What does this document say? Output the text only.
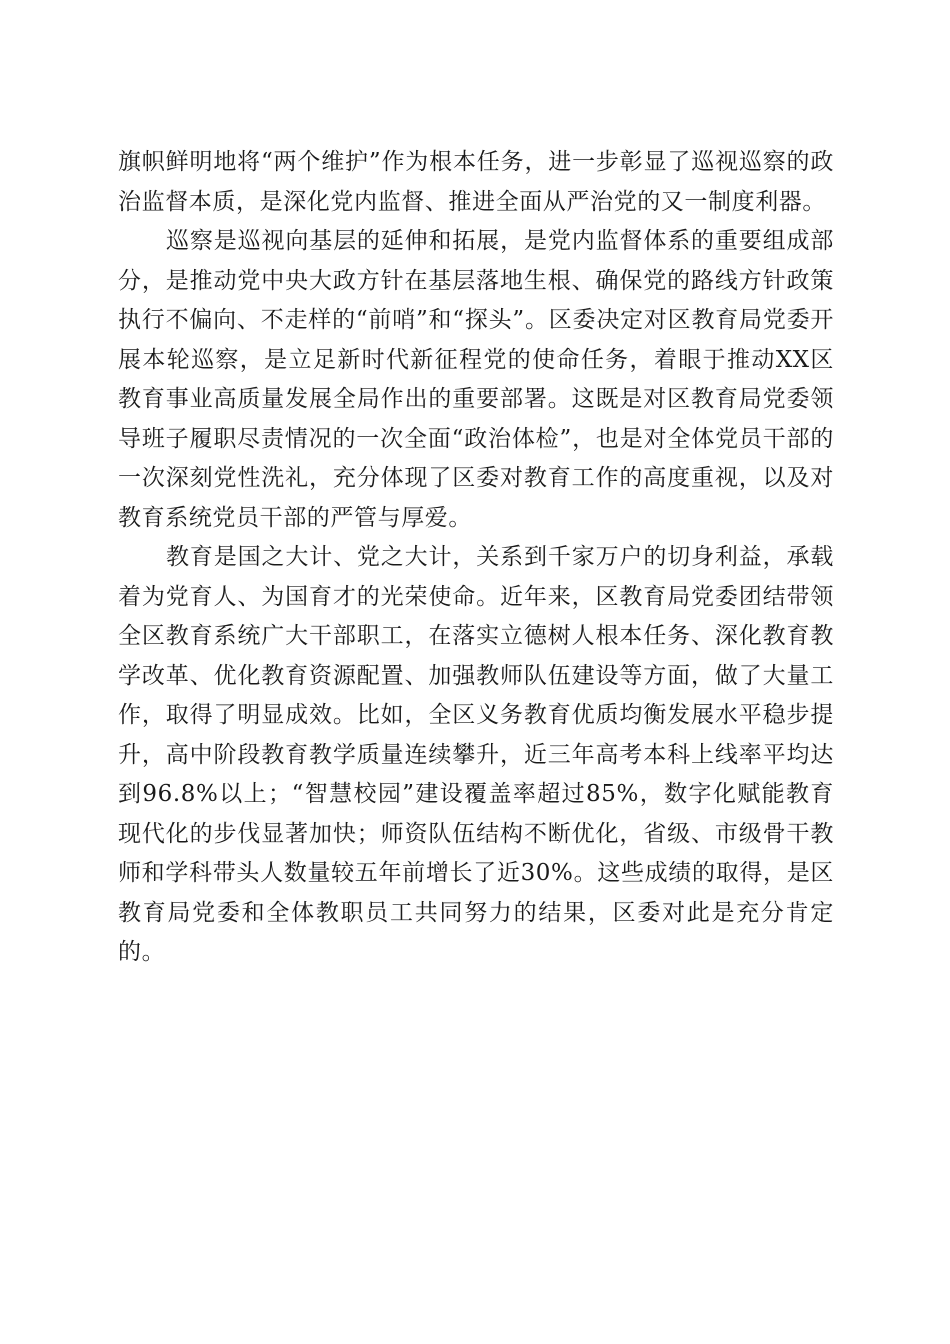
旗帜鲜明地将“两个维护”作为根本任务，进一步彰显了巡视巡察的政治监督本质，是深化党内监督、推进全面从严治党的又一制度利器。

巡察是巡视向基层的延伸和拓展，是党内监督体系的重要组成部分，是推动党中央大政方针在基层落地生根、确保党的路线方针政策执行不偏向、不走样的“前哨”和“探头”。区委决定对区教育局党委开展本轮巡察，是立足新时代新征程党的使命任务，着眼于推动XX区教育事业高质量发展全局作出的重要部署。这既是对区教育局党委领导班子履职尽责情况的一次全面“政治体检”，也是对全体党员干部的一次深刻党性洗礼，充分体现了区委对教育工作的高度重视，以及对教育系统党员干部的严管与厚爱。

教育是国之大计、党之大计，关系到千家万户的切身利益，承载着为党育人、为国育才的光荣使命。近年来，区教育局党委团结带领全区教育系统广大干部职工，在落实立德树人根本任务、深化教育教学改革、优化教育资源配置、加强教师队伍建设等方面，做了大量工作，取得了明显成效。比如，全区义务教育优质均衡发展水平稳步提升，高中阶段教育教学质量连续攀升，近三年高考本科上线率平均达到96.8%以上；“智慧校园”建设覆盖率超过85%，数字化赋能教育现代化的步伐显著加快；师资队伍结构不断优化，省级、市级骨干教师和学科带头人数量较五年前增长了近30%。这些成绩的取得，是区教育局党委和全体教职员工共同努力的结果，区委对此是充分肯定的。
